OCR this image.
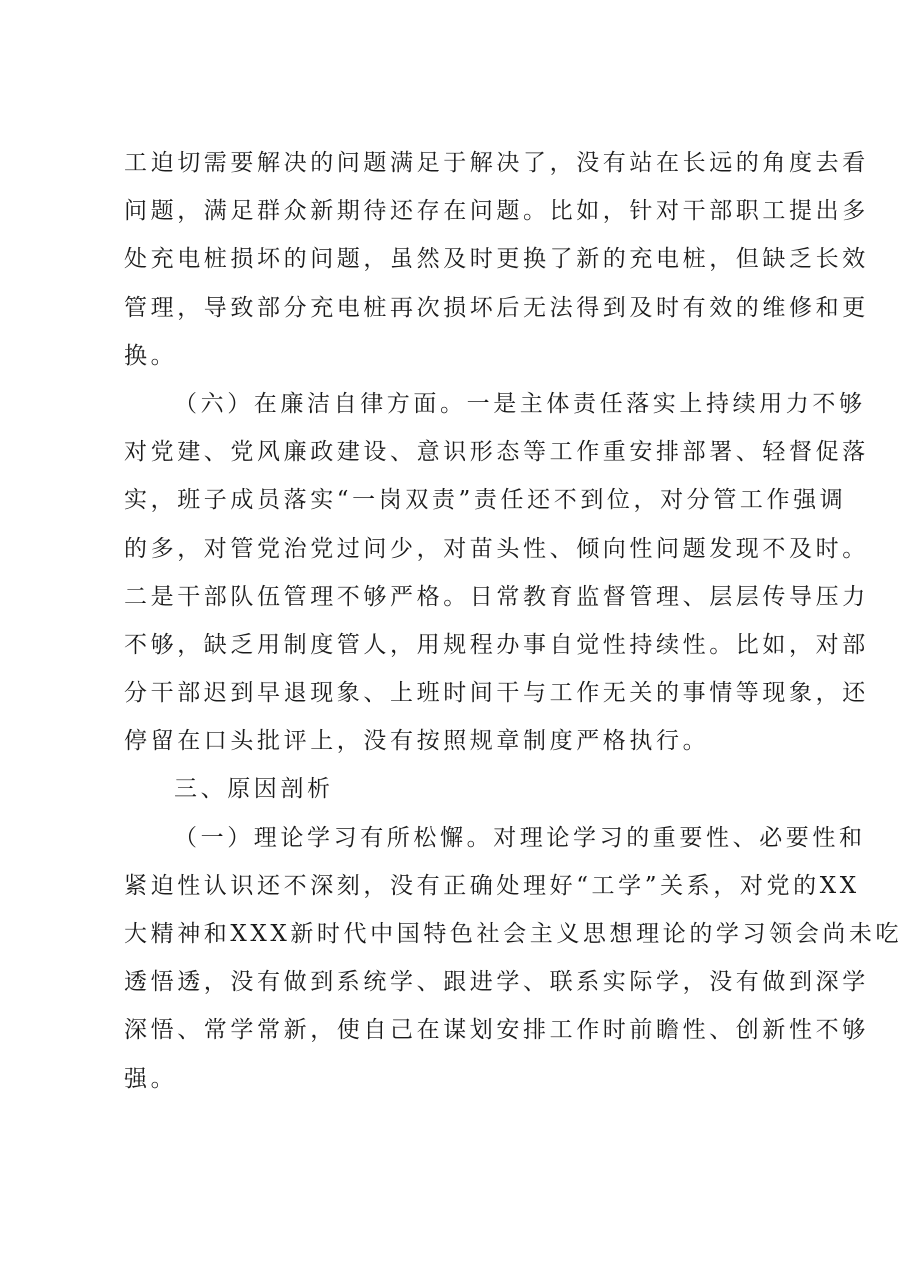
工迫切需要解决的问题满足于解决了，没有站在长远的角度去看
问题，满足群众新期待还存在问题。比如，针对干部职工提出多
处充电桩损坏的问题，虽然及时更换了新的充电桩，但缺乏长效
管理，导致部分充电桩再次损坏后无法得到及时有效的维修和更
换。
（六）在廉洁自律方面。一是主体责任落实上持续用力不够
对党建、党风廉政建设、意识形态等工作重安排部署、轻督促落
实，班子成员落实“一岗双责”责任还不到位，对分管工作强调
的多，对管党治党过问少，对苗头性、倾向性问题发现不及时。
二是干部队伍管理不够严格。日常教育监督管理、层层传导压力
不够，缺乏用制度管人，用规程办事自觉性持续性。比如，对部
分干部迟到早退现象、上班时间干与工作无关的事情等现象，还
停留在口头批评上，没有按照规章制度严格执行。
三、原因剖析
（一）理论学习有所松懈。对理论学习的重要性、必要性和
紧迫性认识还不深刻，没有正确处理好“工学”关系，对党的XX
大精神和XXX新时代中国特色社会主义思想理论的学习领会尚未吃
透悟透，没有做到系统学、跟进学、联系实际学，没有做到深学
深悟、常学常新，使自己在谋划安排工作时前瞻性、创新性不够
强。
